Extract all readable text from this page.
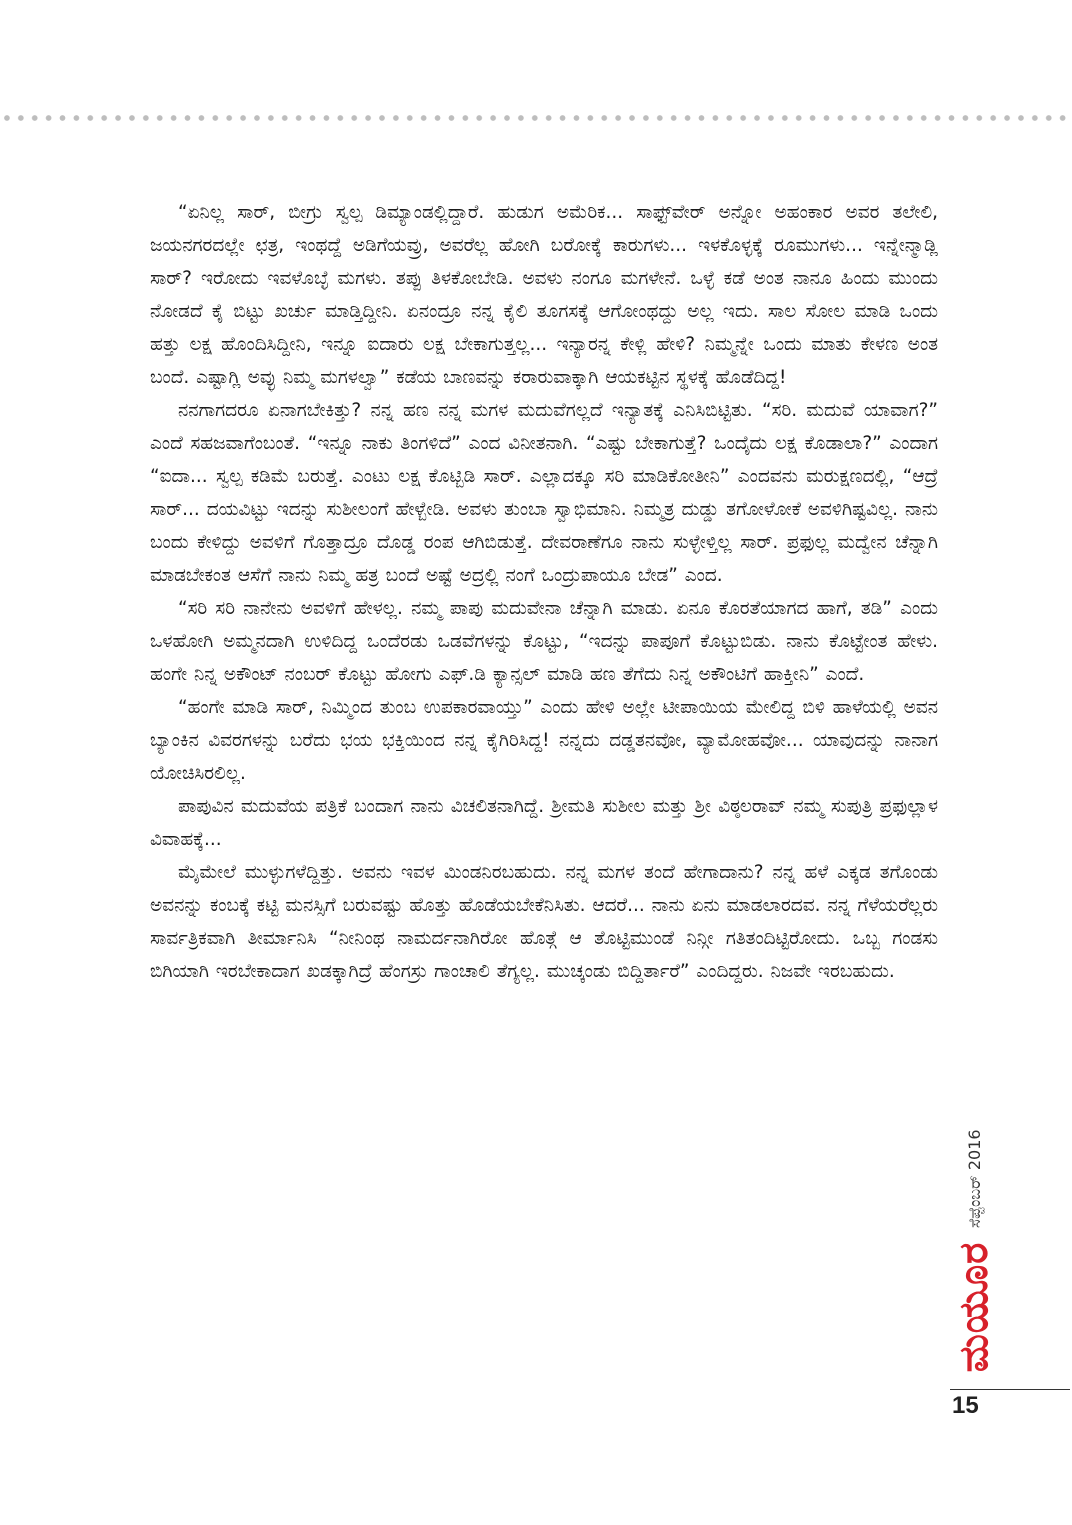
“ಏನಿಲ್ಲ ಸಾರ್, ಬೀಗ್ರು ಸ್ವಲ್ಪ ಡಿಮ್ಯಾಂಡಲ್ಲಿದ್ದಾರೆ. ಹುಡುಗ ಅಮೆರಿಕ... ಸಾಫ್ಟ್‌ವೇರ್ ಅನ್ನೋ ಅಹಂಕಾರ ಅವರ ತಲೇಲಿ, ಜಯನಗರದಲ್ಲೇ ಛತ್ರ, ಇಂಥದ್ದೆ ಅಡಿಗೆಯವ್ರು, ಅವರೆಲ್ಲ ಹೋಗಿ ಬರೋಕ್ಕೆ ಕಾರುಗಳು... ಇಳಕೊಳ್ಳಕ್ಕೆ ರೂಮುಗಳು... ಇನ್ನೇನ್ಮಾಡ್ಲಿ ಸಾರ್? ಇರೋದು ಇವಳೊಬ್ಳೆ ಮಗಳು. ತಪ್ಪು ತಿಳಕೋಬೇಡಿ. ಅವಳು ನಂಗೂ ಮಗಳೇನೆ. ಒಳ್ಳೆ ಕಡೆ ಅಂತ ನಾನೂ ಹಿಂದು ಮುಂದು ನೋಡದೆ ಕೈ ಬಿಟ್ಟು ಖರ್ಚು ಮಾಡ್ತಿದ್ದೀನಿ. ಏನಂದ್ರೂ ನನ್ನ ಕೈಲಿ ತೂಗಸಕ್ಕೆ ಆಗೋಂಥದ್ದು ಅಲ್ಲ ಇದು. ಸಾಲ ಸೋಲ ಮಾಡಿ ಒಂದು ಹತ್ತು ಲಕ್ಷ ಹೊಂದಿಸಿದ್ದೀನಿ, ಇನ್ನೂ ಐದಾರು ಲಕ್ಷ ಬೇಕಾಗುತ್ತಲ್ಲ... ಇನ್ಯಾರನ್ನ ಕೇಳ್ಲಿ ಹೇಳಿ? ನಿಮ್ಮನ್ನೇ ಒಂದು ಮಾತು ಕೇಳಣ ಅಂತ ಬಂದೆ. ಎಷ್ಟಾಗ್ಲಿ ಅವ್ಳು ನಿಮ್ಮ ಮಗಳಲ್ವಾ” ಕಡೆಯ ಬಾಣವನ್ನು ಕರಾರುವಾಕ್ಕಾಗಿ ಆಯಕಟ್ಟಿನ ಸ್ಥಳಕ್ಕೆ ಹೊಡೆದಿದ್ದ!

ನನಗಾಗದರೂ ಏನಾಗಬೇಕಿತ್ತು? ನನ್ನ ಹಣ ನನ್ನ ಮಗಳ ಮದುವೆಗಲ್ಲದೆ ಇನ್ಯಾತಕ್ಕೆ ಎನಿಸಿಬಿಟ್ಟಿತು. “ಸರಿ. ಮದುವೆ ಯಾವಾಗ?” ಎಂದೆ ಸಹಜವಾಗೆಂಬಂತೆ. “ಇನ್ನೂ ನಾಕು ತಿಂಗಳಿದೆ” ಎಂದ ವಿನೀತನಾಗಿ. “ಎಷ್ಟು ಬೇಕಾಗುತ್ತೆ? ಒಂದೈದು ಲಕ್ಷ ಕೊಡಾಲಾ?” ಎಂದಾಗ “ಐದಾ... ಸ್ವಲ್ಪ ಕಡಿಮೆ ಬರುತ್ತೆ. ಎಂಟು ಲಕ್ಷ ಕೊಟ್ಬಿಡಿ ಸಾರ್. ಎಲ್ಲಾದಕ್ಕೂ ಸರಿ ಮಾಡಿಕೋತೀನಿ” ಎಂದವನು ಮರುಕ್ಷಣದಲ್ಲಿ, “ಆದ್ರೆ ಸಾರ್... ದಯವಿಟ್ಟು ಇದನ್ನು ಸುಶೀಲಂಗೆ ಹೇಳ್ಬೇಡಿ. ಅವಳು ತುಂಬಾ ಸ್ವಾಭಿಮಾನಿ. ನಿಮ್ಮತ್ರ ದುಡ್ಡು ತಗೋಳೋಕೆ ಅವಳಿಗಿಷ್ಟವಿಲ್ಲ. ನಾನು ಬಂದು ಕೇಳಿದ್ದು ಅವಳಿಗೆ ಗೊತ್ತಾದ್ರೂ ದೊಡ್ಡ ರಂಪ ಆಗಿಬಿಡುತ್ತೆ. ದೇವರಾಣೆಗೂ ನಾನು ಸುಳ್ಳೇಳ್ತಿಲ್ಲ ಸಾರ್. ಪ್ರಫುಲ್ಲ ಮದ್ವೇನ ಚೆನ್ನಾಗಿ ಮಾಡಬೇಕಂತ ಆಸೆಗೆ ನಾನು ನಿಮ್ಮ ಹತ್ರ ಬಂದೆ ಅಷ್ಟೆ ಅದ್ರಲ್ಲಿ ನಂಗೆ ಒಂದ್ರುಪಾಯೂ ಬೇಡ” ಎಂದ.

“ಸರಿ ಸರಿ ನಾನೇನು ಅವಳಿಗೆ ಹೇಳಲ್ಲ. ನಮ್ಮ ಪಾಪು ಮದುವೇನಾ ಚೆನ್ನಾಗಿ ಮಾಡು. ಏನೂ ಕೊರತೆಯಾಗದ ಹಾಗೆ, ತಡಿ” ಎಂದು ಒಳಹೋಗಿ ಅಮ್ಮನದಾಗಿ ಉಳಿದಿದ್ದ ಒಂದೆರಡು ಒಡವೆಗಳನ್ನು ಕೊಟ್ಟು, “ಇದನ್ನು ಪಾಪೂಗೆ ಕೊಟ್ಟುಬಿಡು. ನಾನು ಕೊಟ್ಟೇಂತ ಹೇಳು. ಹಂಗೇ ನಿನ್ನ ಅಕೌಂಟ್ ನಂಬರ್ ಕೊಟ್ಟು ಹೋಗು ಎಫ್.ಡಿ ಕ್ಯಾನ್ಸಲ್ ಮಾಡಿ ಹಣ ತೆಗೆದು ನಿನ್ನ ಅಕೌಂಟಿಗೆ ಹಾಕ್ತೀನಿ” ಎಂದೆ.

“ಹಂಗೇ ಮಾಡಿ ಸಾರ್, ನಿಮ್ಮಿಂದ ತುಂಬ ಉಪಕಾರವಾಯ್ತು” ಎಂದು ಹೇಳಿ ಅಲ್ಲೇ ಟೀಪಾಯಿಯ ಮೇಲಿದ್ದ ಬಿಳಿ ಹಾಳೆಯಲ್ಲಿ ಅವನ ಬ್ಯಾಂಕಿನ ವಿವರಗಳನ್ನು ಬರೆದು ಭಯ ಭಕ್ತಿಯಿಂದ ನನ್ನ ಕೈಗಿರಿಸಿದ್ದ! ನನ್ನದು ದಡ್ಡತನವೋ, ವ್ಯಾಮೋಹವೋ... ಯಾವುದನ್ನು ನಾನಾಗ ಯೋಚಿಸಿರಲಿಲ್ಲ.

ಪಾಪುವಿನ ಮದುವೆಯ ಪತ್ರಿಕೆ ಬಂದಾಗ ನಾನು ವಿಚಲಿತನಾಗಿದ್ದೆ. ಶ್ರೀಮತಿ ಸುಶೀಲ ಮತ್ತು ಶ್ರೀ ವಿಠ್ಠಲರಾವ್ ನಮ್ಮ ಸುಪುತ್ರಿ ಪ್ರಫುಲ್ಲಾಳ ವಿವಾಹಕ್ಕೆ...

ಮೈಮೇಲೆ ಮುಳ್ಳುಗಳೆದ್ದಿತ್ತು. ಅವನು ಇವಳ ಮಿಂಡನಿರಬಹುದು. ನನ್ನ ಮಗಳ ತಂದೆ ಹೇಗಾದಾನು? ನನ್ನ ಹಳೆ ಎಕ್ಕಡ ತಗೊಂಡು ಅವನನ್ನು ಕಂಬಕ್ಕೆ ಕಟ್ಟಿ ಮನಸ್ಸಿಗೆ ಬರುವಷ್ಟು ಹೊತ್ತು ಹೊಡೆಯಬೇಕೆನಿಸಿತು. ಆದರೆ... ನಾನು ಏನು ಮಾಡಲಾರದವ. ನನ್ನ ಗೆಳೆಯರೆಲ್ಲರು ಸಾರ್ವತ್ರಿಕವಾಗಿ ತೀರ್ಮಾನಿಸಿ “ನೀನಿಂಥ ನಾಮರ್ದನಾಗಿರೋ ಹೊತ್ಗೆ ಆ ತೊಟ್ಟಿಮುಂಡೆ ನಿನ್ಗೀ ಗತಿತಂದಿಟ್ಟಿರೋದು. ಒಬ್ಬ ಗಂಡಸು ಬಿಗಿಯಾಗಿ ಇರಬೇಕಾದಾಗ ಖಡಕ್ಕಾಗಿದ್ರೆ ಹೆಂಗಸ್ರು ಗಾಂಚಾಲಿ ತೆಗ್ಯಲ್ಲ. ಮುಚ್ಕಂಡು ಬಿದ್ದಿರ್ತಾರೆ” ಎಂದಿದ್ದರು. ನಿಜವೇ ಇರಬಹುದು.

ಸೆಪ್ಟೆಂಬರ್ 2016
ಮಯೂರ
15
